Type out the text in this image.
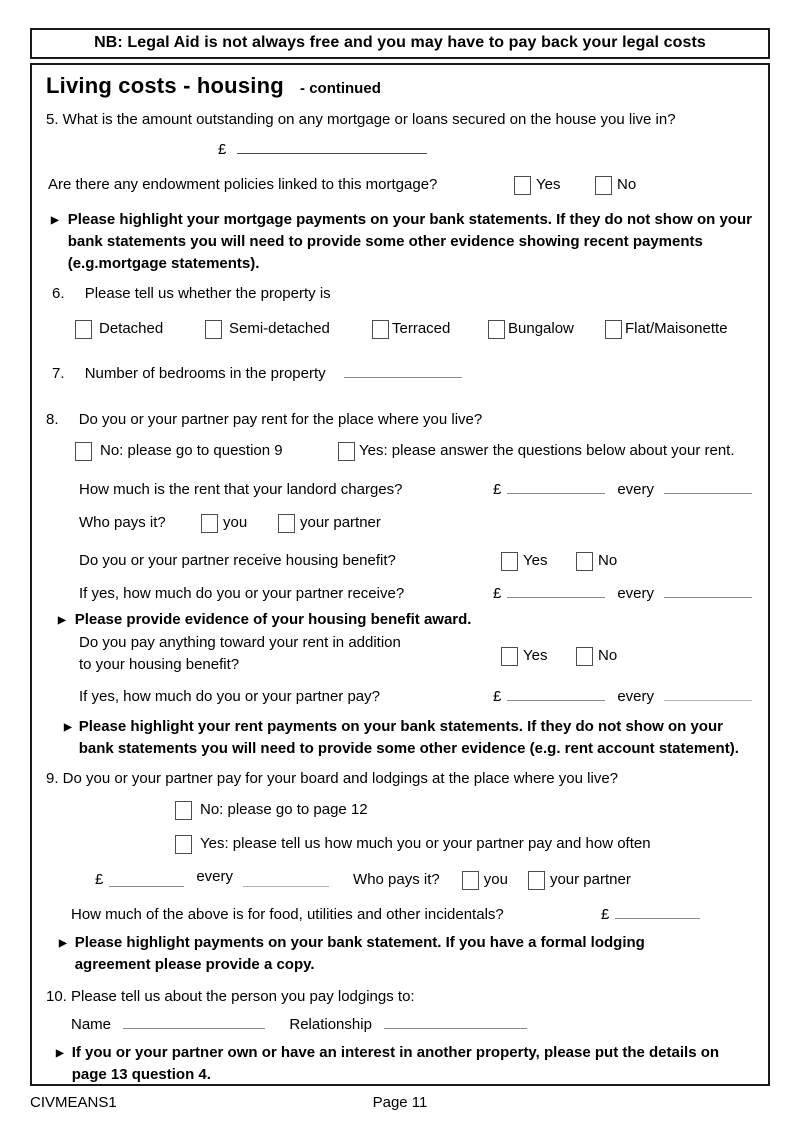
NB: Legal Aid is not always free and you may have to pay back your legal costs
Living costs - housing - continued
5. What is the amount outstanding on any mortgage or loans secured on the house you live in?
£
Are there any endowment policies linked to this mortgage?	Yes	No
▶ Please highlight your mortgage payments on your bank statements. If they do not show on your bank statements you will need to provide some other evidence showing recent payments (e.g.mortgage statements).
6. Please tell us whether the property is
Detached	Semi-detached	Terraced	Bungalow	Flat/Maisonette
7. Number of bedrooms in the property
8. Do you or your partner pay rent for the place where you live?
No: please go to question 9	Yes: please answer the questions below about your rent.
How much is the rent that your landord charges?	£	every
Who pays it?	you	your partner
Do you or your partner receive housing benefit?	Yes	No
If yes, how much do you or your partner receive?	£	every
▶ Please provide evidence of your housing benefit award.
Do you pay anything toward your rent in addition
to your housing benefit?
Yes	No
If yes, how much do you or your partner pay?	£	every
▶ Please highlight your rent payments on your bank statements. If they do not show on your bank statements you will need to provide some other evidence (e.g. rent account statement).
9. Do you or your partner pay for your board and lodgings at the place where you live?
No: please go to page 12
Yes: please tell us how much you or your partner pay and how often
£	every	Who pays it?	you	your partner
How much of the above is for food, utilities and other incidentals?	£
▶ Please highlight payments on your bank statement. If you have a formal lodging agreement please provide a copy.
10. Please tell us about the person you pay lodgings to:
Name	Relationship
▶ If you or your partner own or have an interest in another property, please put the details on page 13 question 4.
CIVMEANS1	Page 11
